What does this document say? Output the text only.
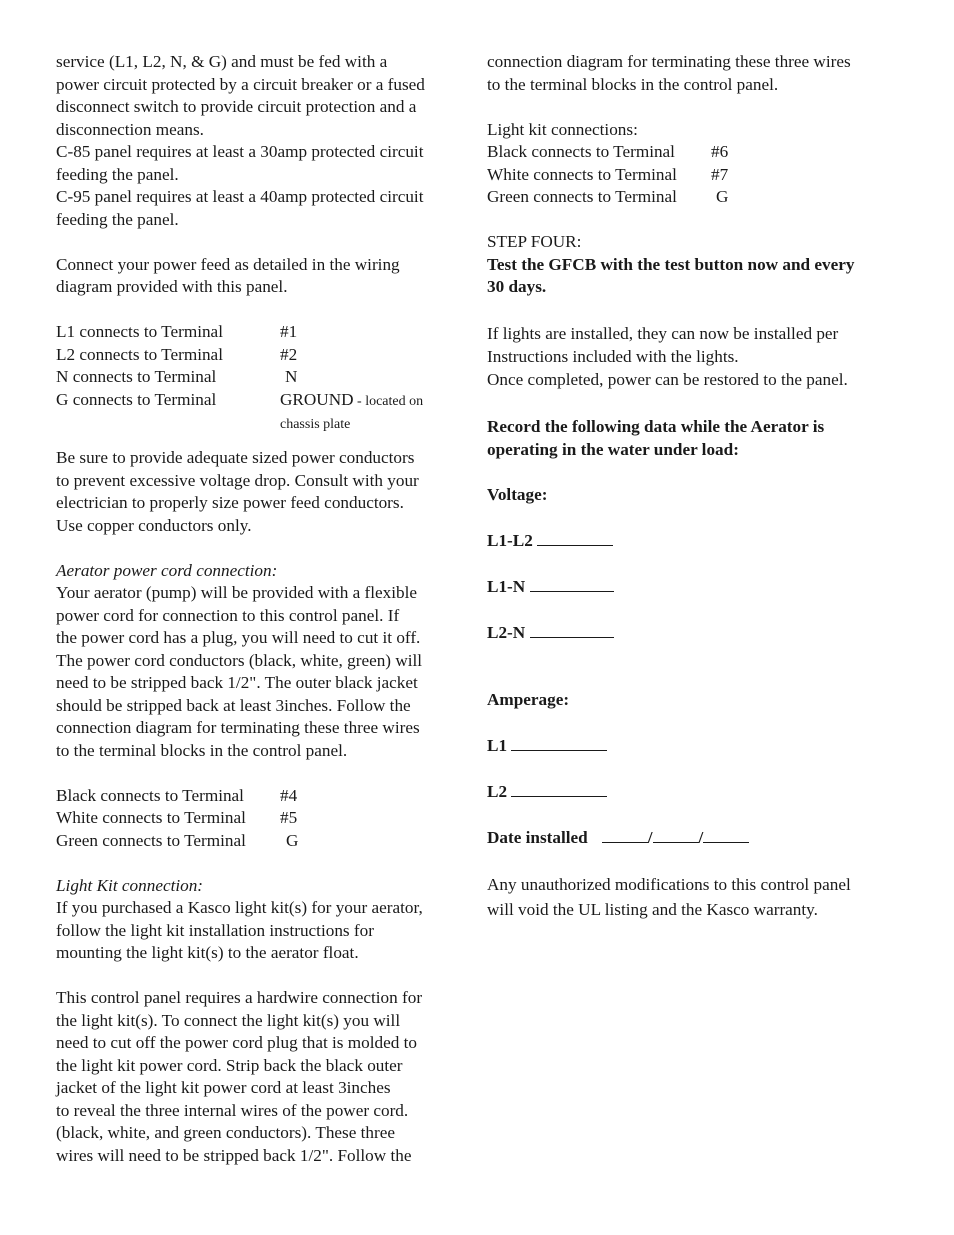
service (L1, L2, N, & G) and must be fed with a

power circuit protected by a circuit breaker or a fused

disconnect switch to provide circuit protection and a

disconnection means.

C-85 panel requires at least a 30amp protected circuit

feeding the panel.

C-95 panel requires at least a 40amp protected circuit

feeding the panel.

Connect your power feed as detailed in the wiring

diagram provided with this panel.

L1 connects to Terminal	#1
L2 connects to Terminal	#2
N connects to Terminal	N
G connects to Terminal	GROUND - located on
chassis plate

Be sure to provide adequate sized power conductors

to prevent excessive voltage drop. Consult with your

electrician to properly size power feed conductors.

Use copper conductors only.

Aerator power cord connection:

Your aerator (pump) will be provided with a flexible

power cord for connection to this control panel. If

the power cord has a plug, you will need to cut it off.

The power cord conductors (black, white, green) will

need to be stripped back 1/2". The outer black jacket

should be stripped back at least 3inches. Follow the

connection diagram for terminating these three wires

to the terminal blocks in the control panel.

Black connects to Terminal	#4
White connects to Terminal	#5
Green connects to Terminal	G

Light Kit connection:

If you purchased a Kasco light kit(s) for your aerator,

follow the light kit installation instructions for

mounting the light kit(s) to the aerator float.

This control panel requires a hardwire connection for

the light kit(s). To connect the light kit(s) you will

need to cut off the power cord plug that is molded to

the light kit power cord. Strip back the black outer

jacket of the light kit power cord at least 3inches

to reveal the three internal wires of the power cord.

(black, white, and green conductors). These three

wires will need to be stripped back 1/2". Follow the

connection diagram for terminating these three wires

to the terminal blocks in the control panel.

Light kit connections:

Black connects to Terminal	#6
White connects to Terminal	#7
Green connects to Terminal	G

STEP FOUR:

Test the GFCB with the test button now and every

30 days.

If lights are installed, they can now be installed per

Instructions included with the lights.

Once completed, power can be restored to the panel.

Record the following data while the Aerator is

operating in the water under load:

Voltage:

L1-L2

L1-N

L2-N

Amperage:

L1

L2

Date installed	/	/

Any unauthorized modifications to this control panel

will void the UL listing and the Kasco warranty.
